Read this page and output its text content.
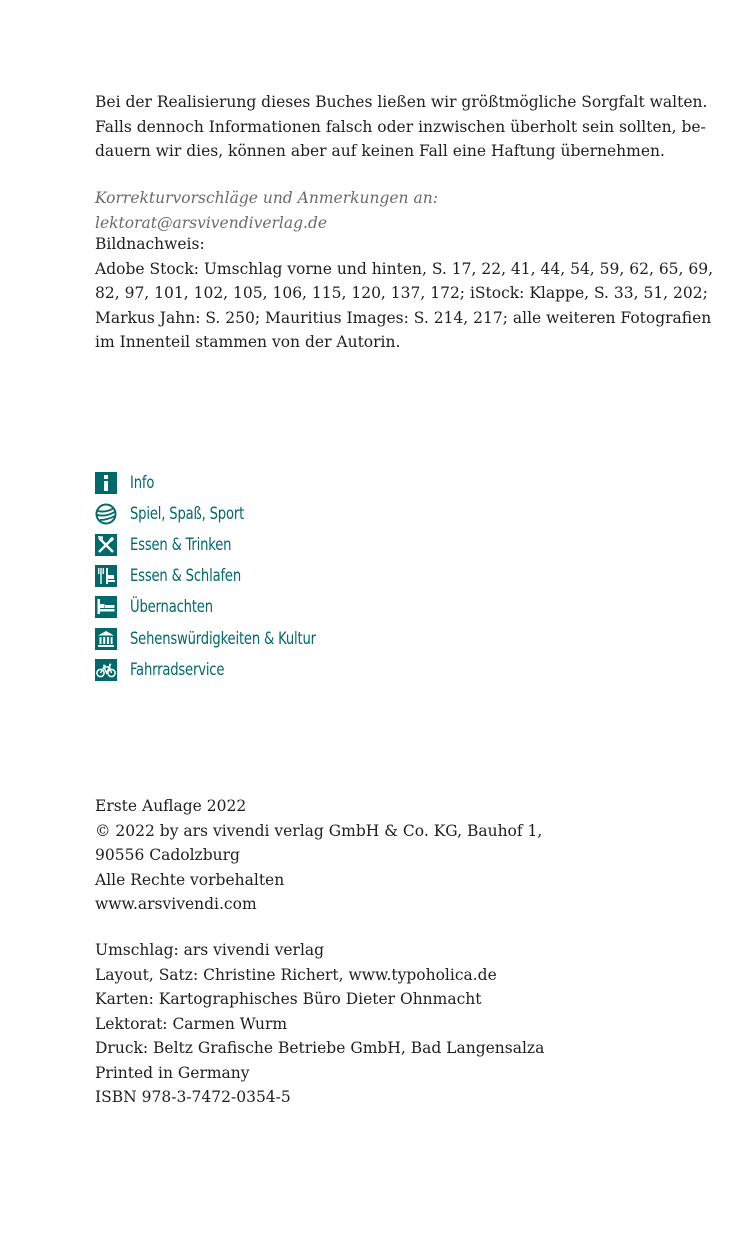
Bei der Realisierung dieses Buches ließen wir größtmögliche Sorgfalt walten.
Falls dennoch Informationen falsch oder inzwischen überholt sein sollten, be-
dauern wir dies, können aber auf keinen Fall eine Haftung übernehmen.

Korrekturvorschläge und Anmerkungen an: lektorat@arsvivendiverlag.de
Bildnachweis:
Adobe Stock: Umschlag vorne und hinten, S. 17, 22, 41, 44, 54, 59, 62, 65, 69,
82, 97, 101, 102, 105, 106, 115, 120, 137, 172; iStock: Klappe, S. 33, 51, 202;
Markus Jahn: S. 250; Mauritius Images: S. 214, 217; alle weiteren Fotografien
im Innenteil stammen von der Autorin.
Info
Spiel, Spaß, Sport
Essen & Trinken
Essen & Schlafen
Übernachten
Sehenswürdigkeiten & Kultur
Fahrradservice
Erste Auflage 2022
© 2022 by ars vivendi verlag GmbH & Co. KG, Bauhof 1,
90556 Cadolzburg
Alle Rechte vorbehalten
www.arsvivendi.com
Umschlag: ars vivendi verlag
Layout, Satz: Christine Richert, www.typoholica.de
Karten: Kartographisches Büro Dieter Ohnmacht
Lektorat: Carmen Wurm
Druck: Beltz Grafische Betriebe GmbH, Bad Langensalza
Printed in Germany
ISBN 978-3-7472-0354-5
